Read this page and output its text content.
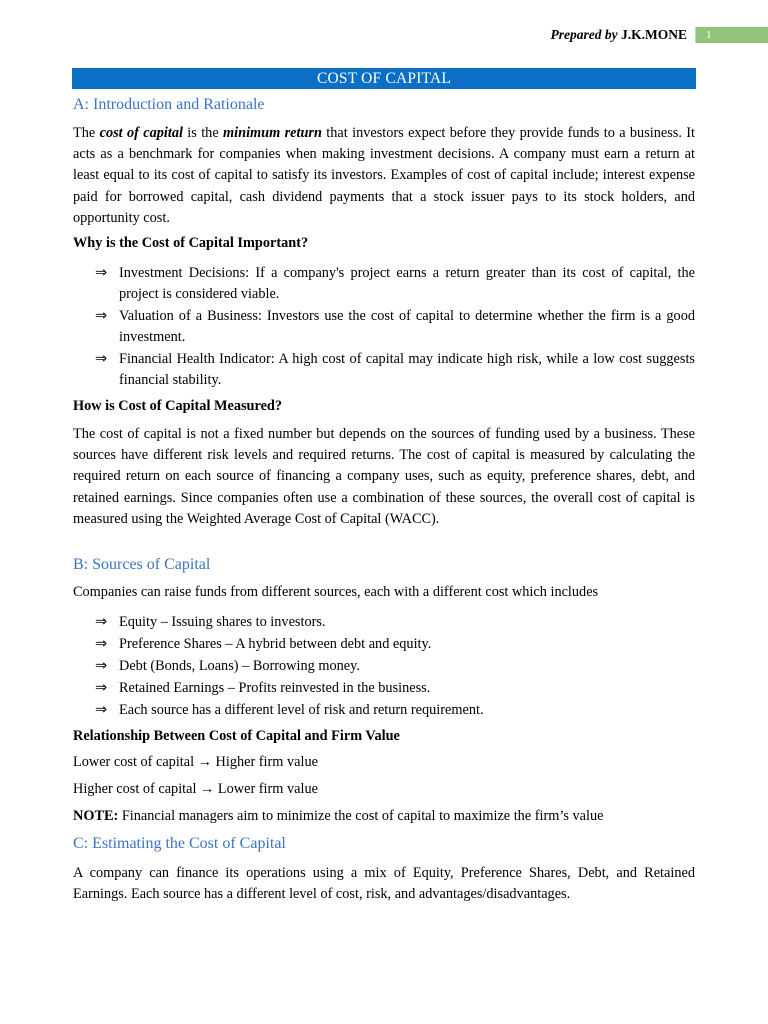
Prepared by J.K.MONE	1
COST OF CAPITAL
A: Introduction and Rationale
The cost of capital is the minimum return that investors expect before they provide funds to a business. It acts as a benchmark for companies when making investment decisions. A company must earn a return at least equal to its cost of capital to satisfy its investors. Examples of cost of capital include; interest expense paid for borrowed capital, cash dividend payments that a stock issuer pays to its stock holders, and opportunity cost.
Why is the Cost of Capital Important?
⇒ Investment Decisions: If a company's project earns a return greater than its cost of capital, the project is considered viable.
⇒ Valuation of a Business: Investors use the cost of capital to determine whether the firm is a good investment.
⇒ Financial Health Indicator: A high cost of capital may indicate high risk, while a low cost suggests financial stability.
How is Cost of Capital Measured?
The cost of capital is not a fixed number but depends on the sources of funding used by a business. These sources have different risk levels and required returns. The cost of capital is measured by calculating the required return on each source of financing a company uses, such as equity, preference shares, debt, and retained earnings. Since companies often use a combination of these sources, the overall cost of capital is measured using the Weighted Average Cost of Capital (WACC).
B: Sources of Capital
Companies can raise funds from different sources, each with a different cost which includes
⇒ Equity – Issuing shares to investors.
⇒ Preference Shares – A hybrid between debt and equity.
⇒ Debt (Bonds, Loans) – Borrowing money.
⇒ Retained Earnings – Profits reinvested in the business.
⇒ Each source has a different level of risk and return requirement.
Relationship Between Cost of Capital and Firm Value
Lower cost of capital → Higher firm value
Higher cost of capital → Lower firm value
NOTE: Financial managers aim to minimize the cost of capital to maximize the firm’s value
C: Estimating the Cost of Capital
A company can finance its operations using a mix of Equity, Preference Shares, Debt, and Retained Earnings. Each source has a different level of cost, risk, and advantages/disadvantages.
